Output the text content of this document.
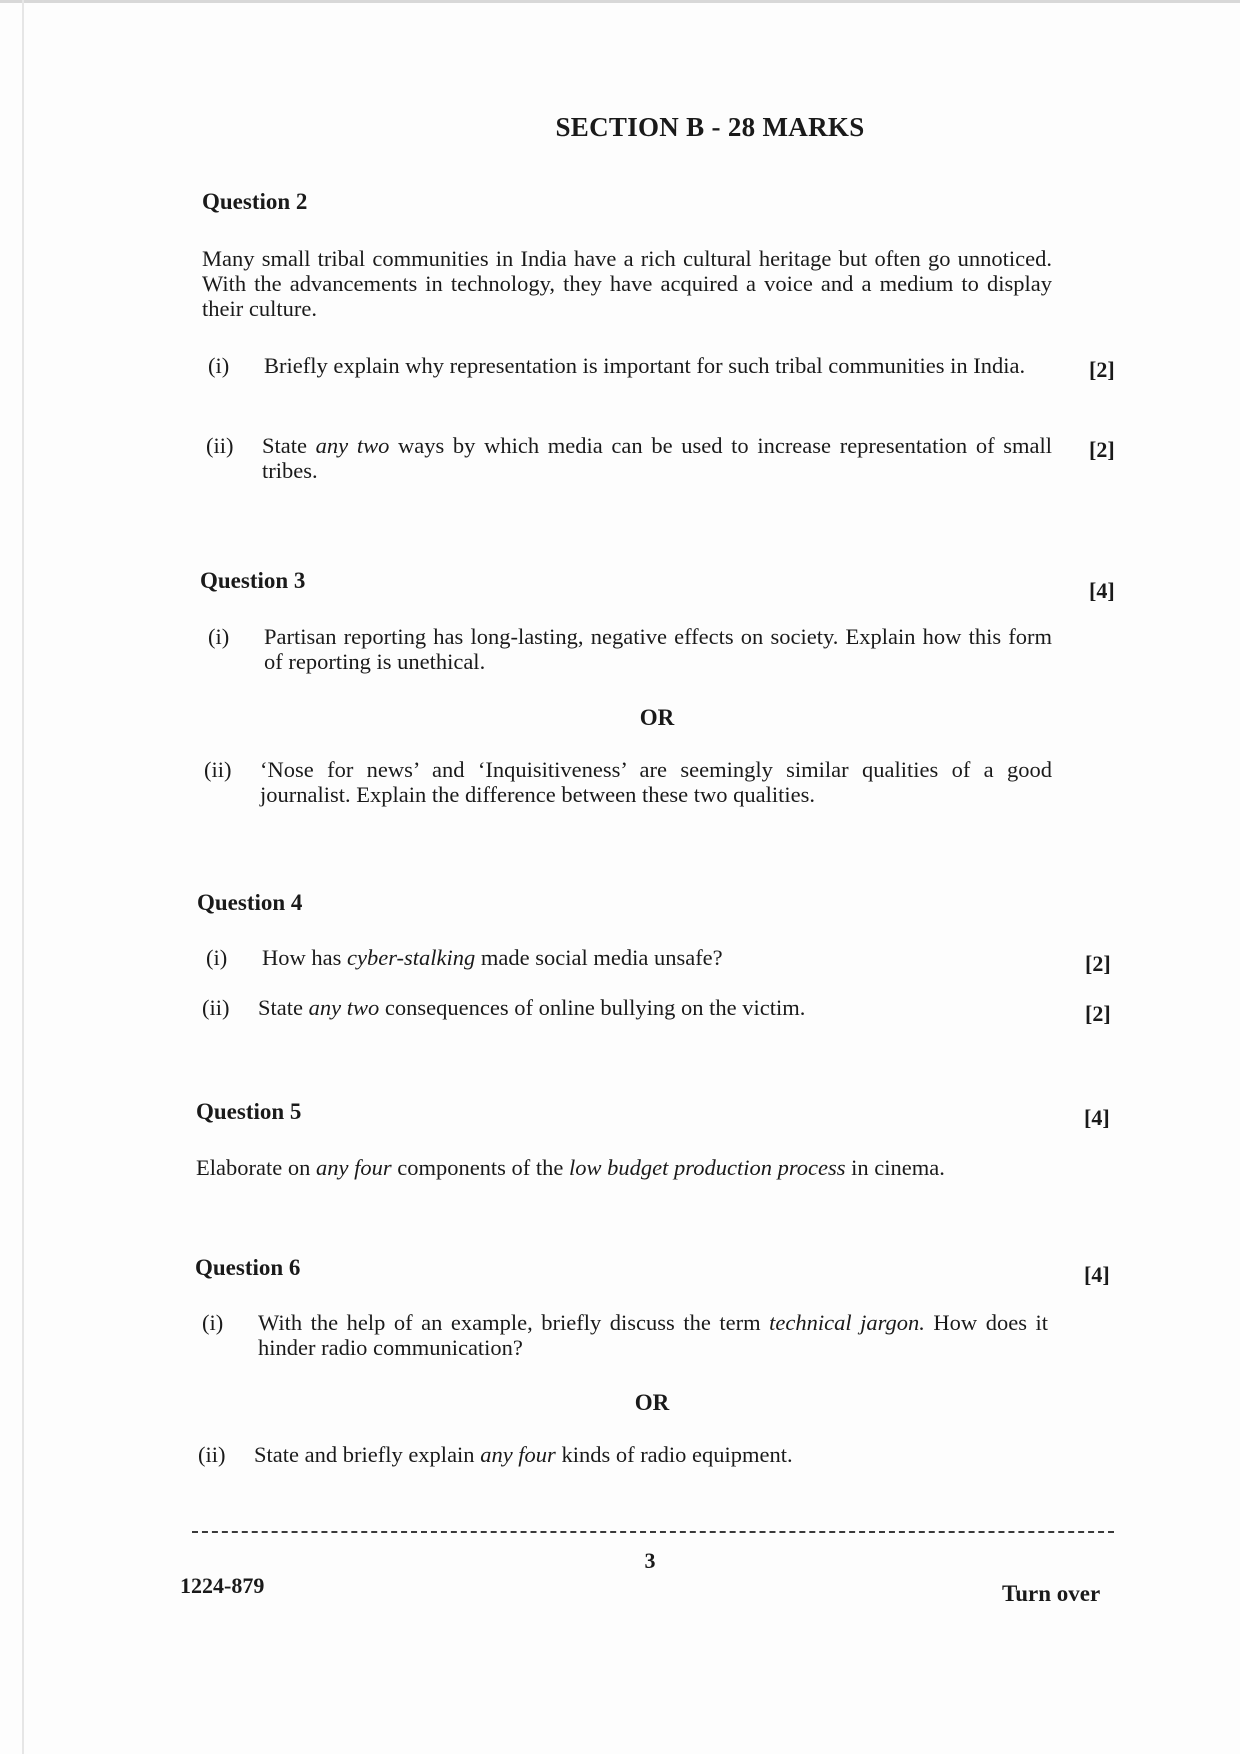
SECTION B - 28 MARKS
Question 2
Many small tribal communities in India have a rich cultural heritage but often go unnoticed. With the advancements in technology, they have acquired a voice and a medium to display their culture.
(i) Briefly explain why representation is important for such tribal communities in India.	[2]
(ii) State any two ways by which media can be used to increase representation of small tribes.
[2]
Question 3	[4]
(i) Partisan reporting has long-lasting, negative effects on society. Explain how this form of reporting is unethical.
OR
(ii) ‘Nose for news’ and ‘Inquisitiveness’ are seemingly similar qualities of a good journalist. Explain the difference between these two qualities.
Question 4
(i) How has cyber-stalking made social media unsafe?	[2]
(ii) State any two consequences of online bullying on the victim.	[2]
Question 5	[4]
Elaborate on any four components of the low budget production process in cinema.
Question 6	[4]
(i) With the help of an example, briefly discuss the term technical jargon. How does it hinder radio communication?
OR
(ii) State and briefly explain any four kinds of radio equipment.
3
1224-879	Turn over
